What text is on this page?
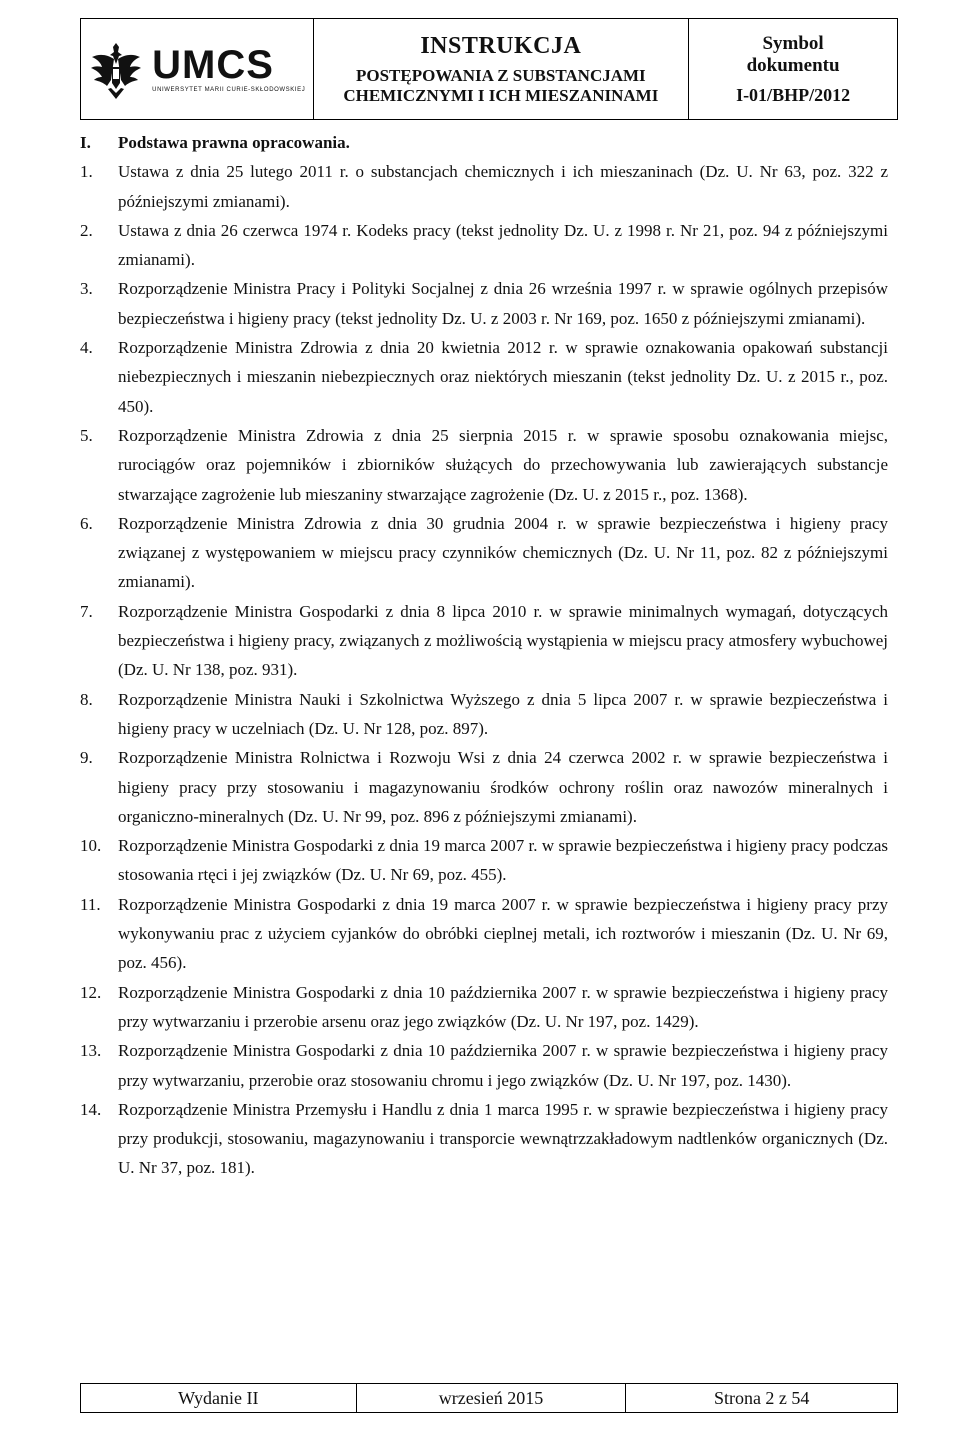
UMCS
UNIWERSYTET MARII CURIE-SKŁODOWSKIEJ

INSTRUKCJA
POSTĘPOWANIA Z SUBSTANCJAMI
CHEMICZNYMI I ICH MIESZANINAMI

Symbol
dokumentu
I-01/BHP/2012
I.	Podstawa prawna opracowania.
1.	Ustawa z dnia 25 lutego 2011 r. o substancjach chemicznych i ich mieszaninach (Dz. U. Nr 63, poz. 322 z późniejszymi zmianami).
2.	Ustawa z dnia 26 czerwca 1974 r. Kodeks pracy (tekst jednolity Dz. U. z 1998 r. Nr 21, poz. 94 z późniejszymi zmianami).
3.	Rozporządzenie Ministra Pracy i Polityki Socjalnej z dnia 26 września 1997 r. w sprawie ogólnych przepisów bezpieczeństwa i higieny pracy (tekst jednolity Dz. U. z 2003 r. Nr 169, poz. 1650 z późniejszymi zmianami).
4.	Rozporządzenie Ministra Zdrowia z dnia 20 kwietnia 2012 r. w sprawie oznakowania opakowań substancji niebezpiecznych i mieszanin niebezpiecznych oraz niektórych mieszanin (tekst jednolity Dz. U. z 2015 r., poz. 450).
5.	Rozporządzenie Ministra Zdrowia z dnia 25 sierpnia 2015 r. w sprawie sposobu oznakowania miejsc, rurociągów oraz pojemników i zbiorników służących do przechowywania lub zawierających substancje stwarzające zagrożenie lub mieszaniny stwarzające zagrożenie (Dz. U. z 2015 r., poz. 1368).
6.	Rozporządzenie Ministra Zdrowia z dnia 30 grudnia 2004 r. w sprawie bezpieczeństwa i higieny pracy związanej z występowaniem w miejscu pracy czynników chemicznych (Dz. U. Nr 11, poz. 82 z późniejszymi zmianami).
7.	Rozporządzenie Ministra Gospodarki z dnia 8 lipca 2010 r. w sprawie minimalnych wymagań, dotyczących bezpieczeństwa i higieny pracy, związanych z możliwością wystąpienia w miejscu pracy atmosfery wybuchowej (Dz. U. Nr 138, poz. 931).
8.	Rozporządzenie Ministra Nauki i Szkolnictwa Wyższego z dnia 5 lipca 2007 r. w sprawie bezpieczeństwa i higieny pracy w uczelniach (Dz. U. Nr 128, poz. 897).
9.	Rozporządzenie Ministra Rolnictwa i Rozwoju Wsi z dnia 24 czerwca 2002 r. w sprawie bezpieczeństwa i higieny pracy przy stosowaniu i magazynowaniu środków ochrony roślin oraz nawozów mineralnych i organiczno-mineralnych (Dz. U. Nr 99, poz. 896 z późniejszymi zmianami).
10. Rozporządzenie Ministra Gospodarki z dnia 19 marca 2007 r. w sprawie bezpieczeństwa i higieny pracy podczas stosowania rtęci i jej związków (Dz. U. Nr 69, poz. 455).
11.	Rozporządzenie Ministra Gospodarki z dnia 19 marca 2007 r. w sprawie bezpieczeństwa i higieny pracy przy wykonywaniu prac z użyciem cyjanków do obróbki cieplnej metali, ich roztworów i mieszanin (Dz. U. Nr 69, poz. 456).
12. Rozporządzenie Ministra Gospodarki z dnia 10 października 2007 r. w sprawie bezpieczeństwa i higieny pracy przy wytwarzaniu i przerobie arsenu oraz jego związków (Dz. U. Nr 197, poz. 1429).
13. Rozporządzenie Ministra Gospodarki z dnia 10 października 2007 r. w sprawie bezpieczeństwa i higieny pracy przy wytwarzaniu, przerobie oraz stosowaniu chromu i jego związków (Dz. U. Nr 197, poz. 1430).
14. Rozporządzenie Ministra Przemysłu i Handlu z dnia 1 marca 1995 r. w sprawie bezpieczeństwa i higieny pracy przy produkcji, stosowaniu, magazynowaniu i transporcie wewnątrzzakładowym nadtlenków organicznych (Dz. U. Nr 37, poz. 181).
Wydanie II	wrzesień 2015	Strona 2 z 54
